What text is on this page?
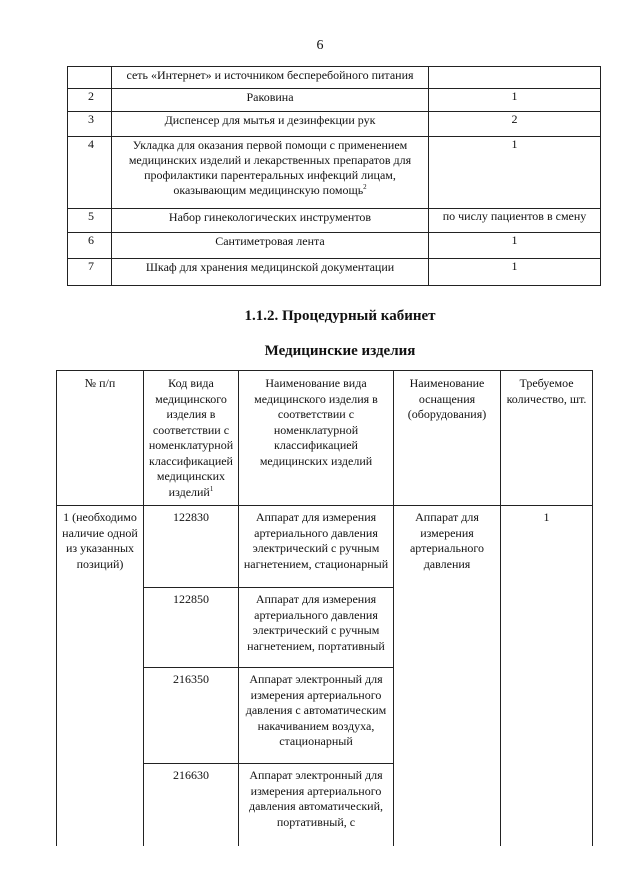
6
	сеть «Интернет» и источником бесперебойного питания	
2	Раковина	1
3	Диспенсер для мытья и дезинфекции рук	2
4	Укладка для оказания первой помощи с применением медицинских изделий и лекарственных препаратов для профилактики парентеральных инфекций лицам, оказывающим медицинскую помощь$^2$	1
5	Набор гинекологических инструментов	по числу пациентов в смену
6	Сантиметровая лента	1
7	Шкаф для хранения медицинской документации	1
1.1.2. Процедурный кабинет
Медицинские изделия
№ п/п	Код вида медицинского изделия в соответствии с номенклатурной классификацией медицинских изделий$^1$	Наименование вида медицинского изделия в соответствии с номенклатурной классификацией медицинских изделий	Наименование оснащения (оборудования)	Требуемое количество, шт.
1 (необходимо наличие одной из указанных позиций)	122830	Аппарат для измерения артериального давления электрический с ручным нагнетением, стационарный	Аппарат для измерения артериального давления	1
	122850	Аппарат для измерения артериального давления электрический с ручным нагнетением, портативный		
	216350	Аппарат электронный для измерения артериального давления с автоматическим накачиванием воздуха, стационарный		
	216630	Аппарат электронный для измерения артериального давления автоматический, портативный, с		
